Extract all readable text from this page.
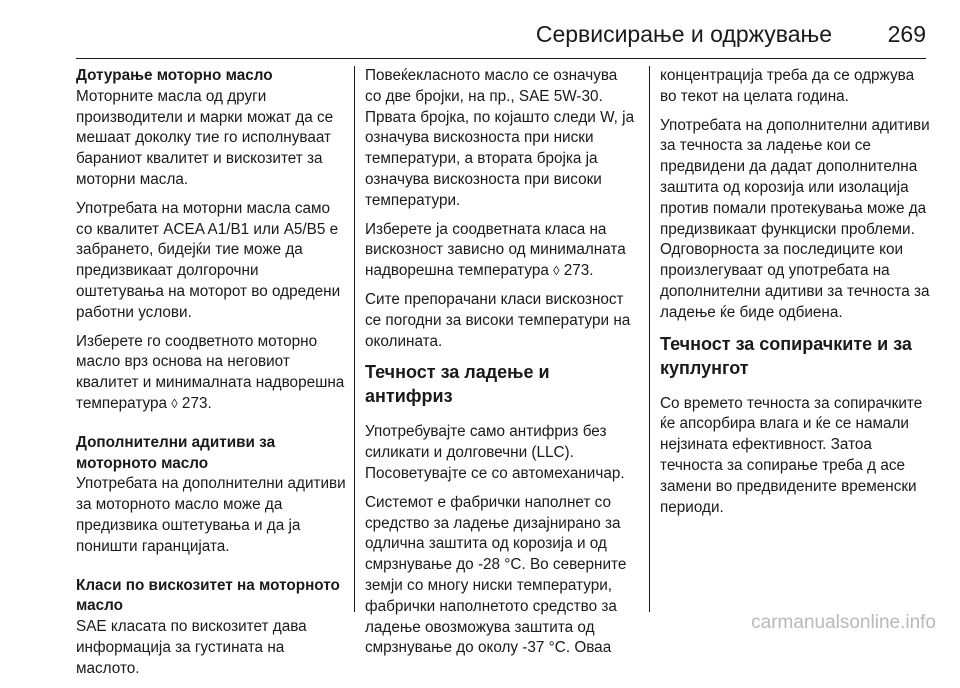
Сервисирање и одржување 269
Дотурање моторно масло

Моторните масла од други производители и марки можат да се мешаат доколку тие го исполнуваат бараниот квалитет и вискозитет за моторни масла.

Употребата на моторни масла само со квалитет ACEA A1/B1 или A5/B5 е забрането, бидејќи тие може да предизвикаат долгорочни оштетувања на моторот во одредени работни услови.

Изберете го соодветното моторно масло врз основа на неговиот квалитет и минималната надворешна температура ◊ 273.

Дополнителни адитиви за моторното масло

Употребата на дополнителни адитиви за моторното масло може да предизвика оштетувања и да ја поништи гаранцијата.

Класи по вискозитет на моторното масло

SAE класата по вискозитет дава информација за густината на маслото.

Повеќекласното масло се означува со две бројки, на пр., SAE 5W-30. Првата бројка, по којашто следи W, ја означува вискозноста при ниски температури, а втората бројка ја означува вискозноста при високи температури.

Изберете ја соодветната класа на вискозност зависно од минималната надворешна температура ◊ 273.

Сите препорачани класи вискозност се погодни за високи температури на околината.

Течност за ладење и антифриз

Употребувајте само антифриз без силикати и долговечни (LLC). Посоветувајте се со автомеханичар.

Системот е фабрички наполнет со средство за ладење дизајнирано за одлична заштита од корозија и од смрзнување до -28 °C. Во северните земји со многу ниски температури, фабрички наполнетото средство за ладење овозможува заштита од смрзнување до околу -37 °C. Оваа

концентрација треба да се одржува во текот на целата година.

Употребата на дополнителни адитиви за течноста за ладење кои се предвидени да дадат дополнителна заштита од корозија или изолација против помали протекувања може да предизвикаат функциски проблеми. Одговорноста за последиците кои произлегуваат од употребата на дополнителни адитиви за течноста за ладење ќе биде одбиена.

Течност за сопирачките и за куплунгот

Со времето течноста за сопирачките ќе апсорбира влага и ќе се намали нејзината ефективност. Затоа течноста за сопирање треба д асе замени во предвидените временски периоди.

carmanualsonline.info
